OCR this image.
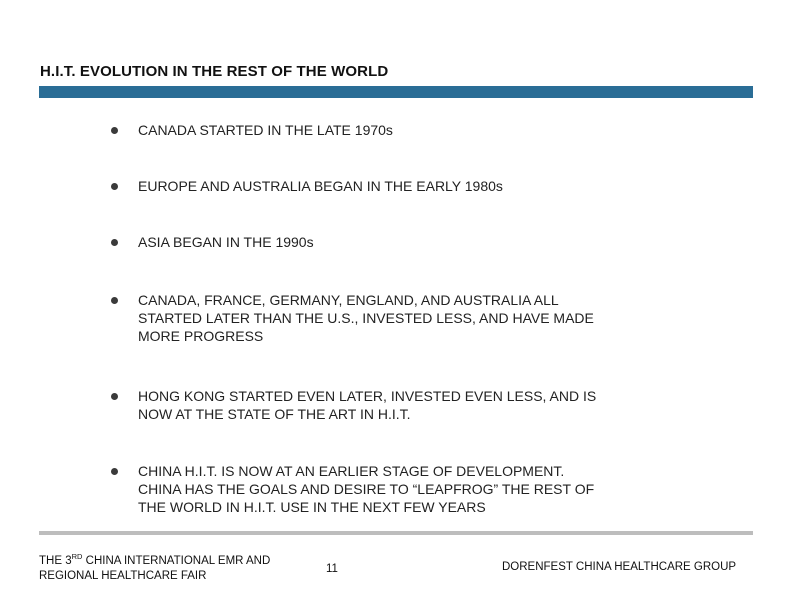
H.I.T. EVOLUTION IN THE REST OF THE WORLD
CANADA STARTED IN THE LATE 1970s
EUROPE AND AUSTRALIA BEGAN IN THE EARLY 1980s
ASIA BEGAN IN THE 1990s
CANADA, FRANCE, GERMANY, ENGLAND, AND AUSTRALIA ALL
STARTED LATER THAN THE U.S., INVESTED LESS, AND HAVE MADE
MORE PROGRESS
HONG KONG STARTED EVEN LATER, INVESTED EVEN LESS, AND IS
NOW AT THE STATE OF THE ART IN H.I.T.
CHINA H.I.T. IS NOW AT AN EARLIER STAGE OF DEVELOPMENT.
CHINA HAS THE GOALS AND DESIRE TO “LEAPFROG” THE REST OF
THE WORLD IN H.I.T. USE IN THE NEXT FEW YEARS
THE 3RD CHINA INTERNATIONAL EMR AND
REGIONAL HEALTHCARE FAIR
11	DORENFEST CHINA HEALTHCARE GROUP
